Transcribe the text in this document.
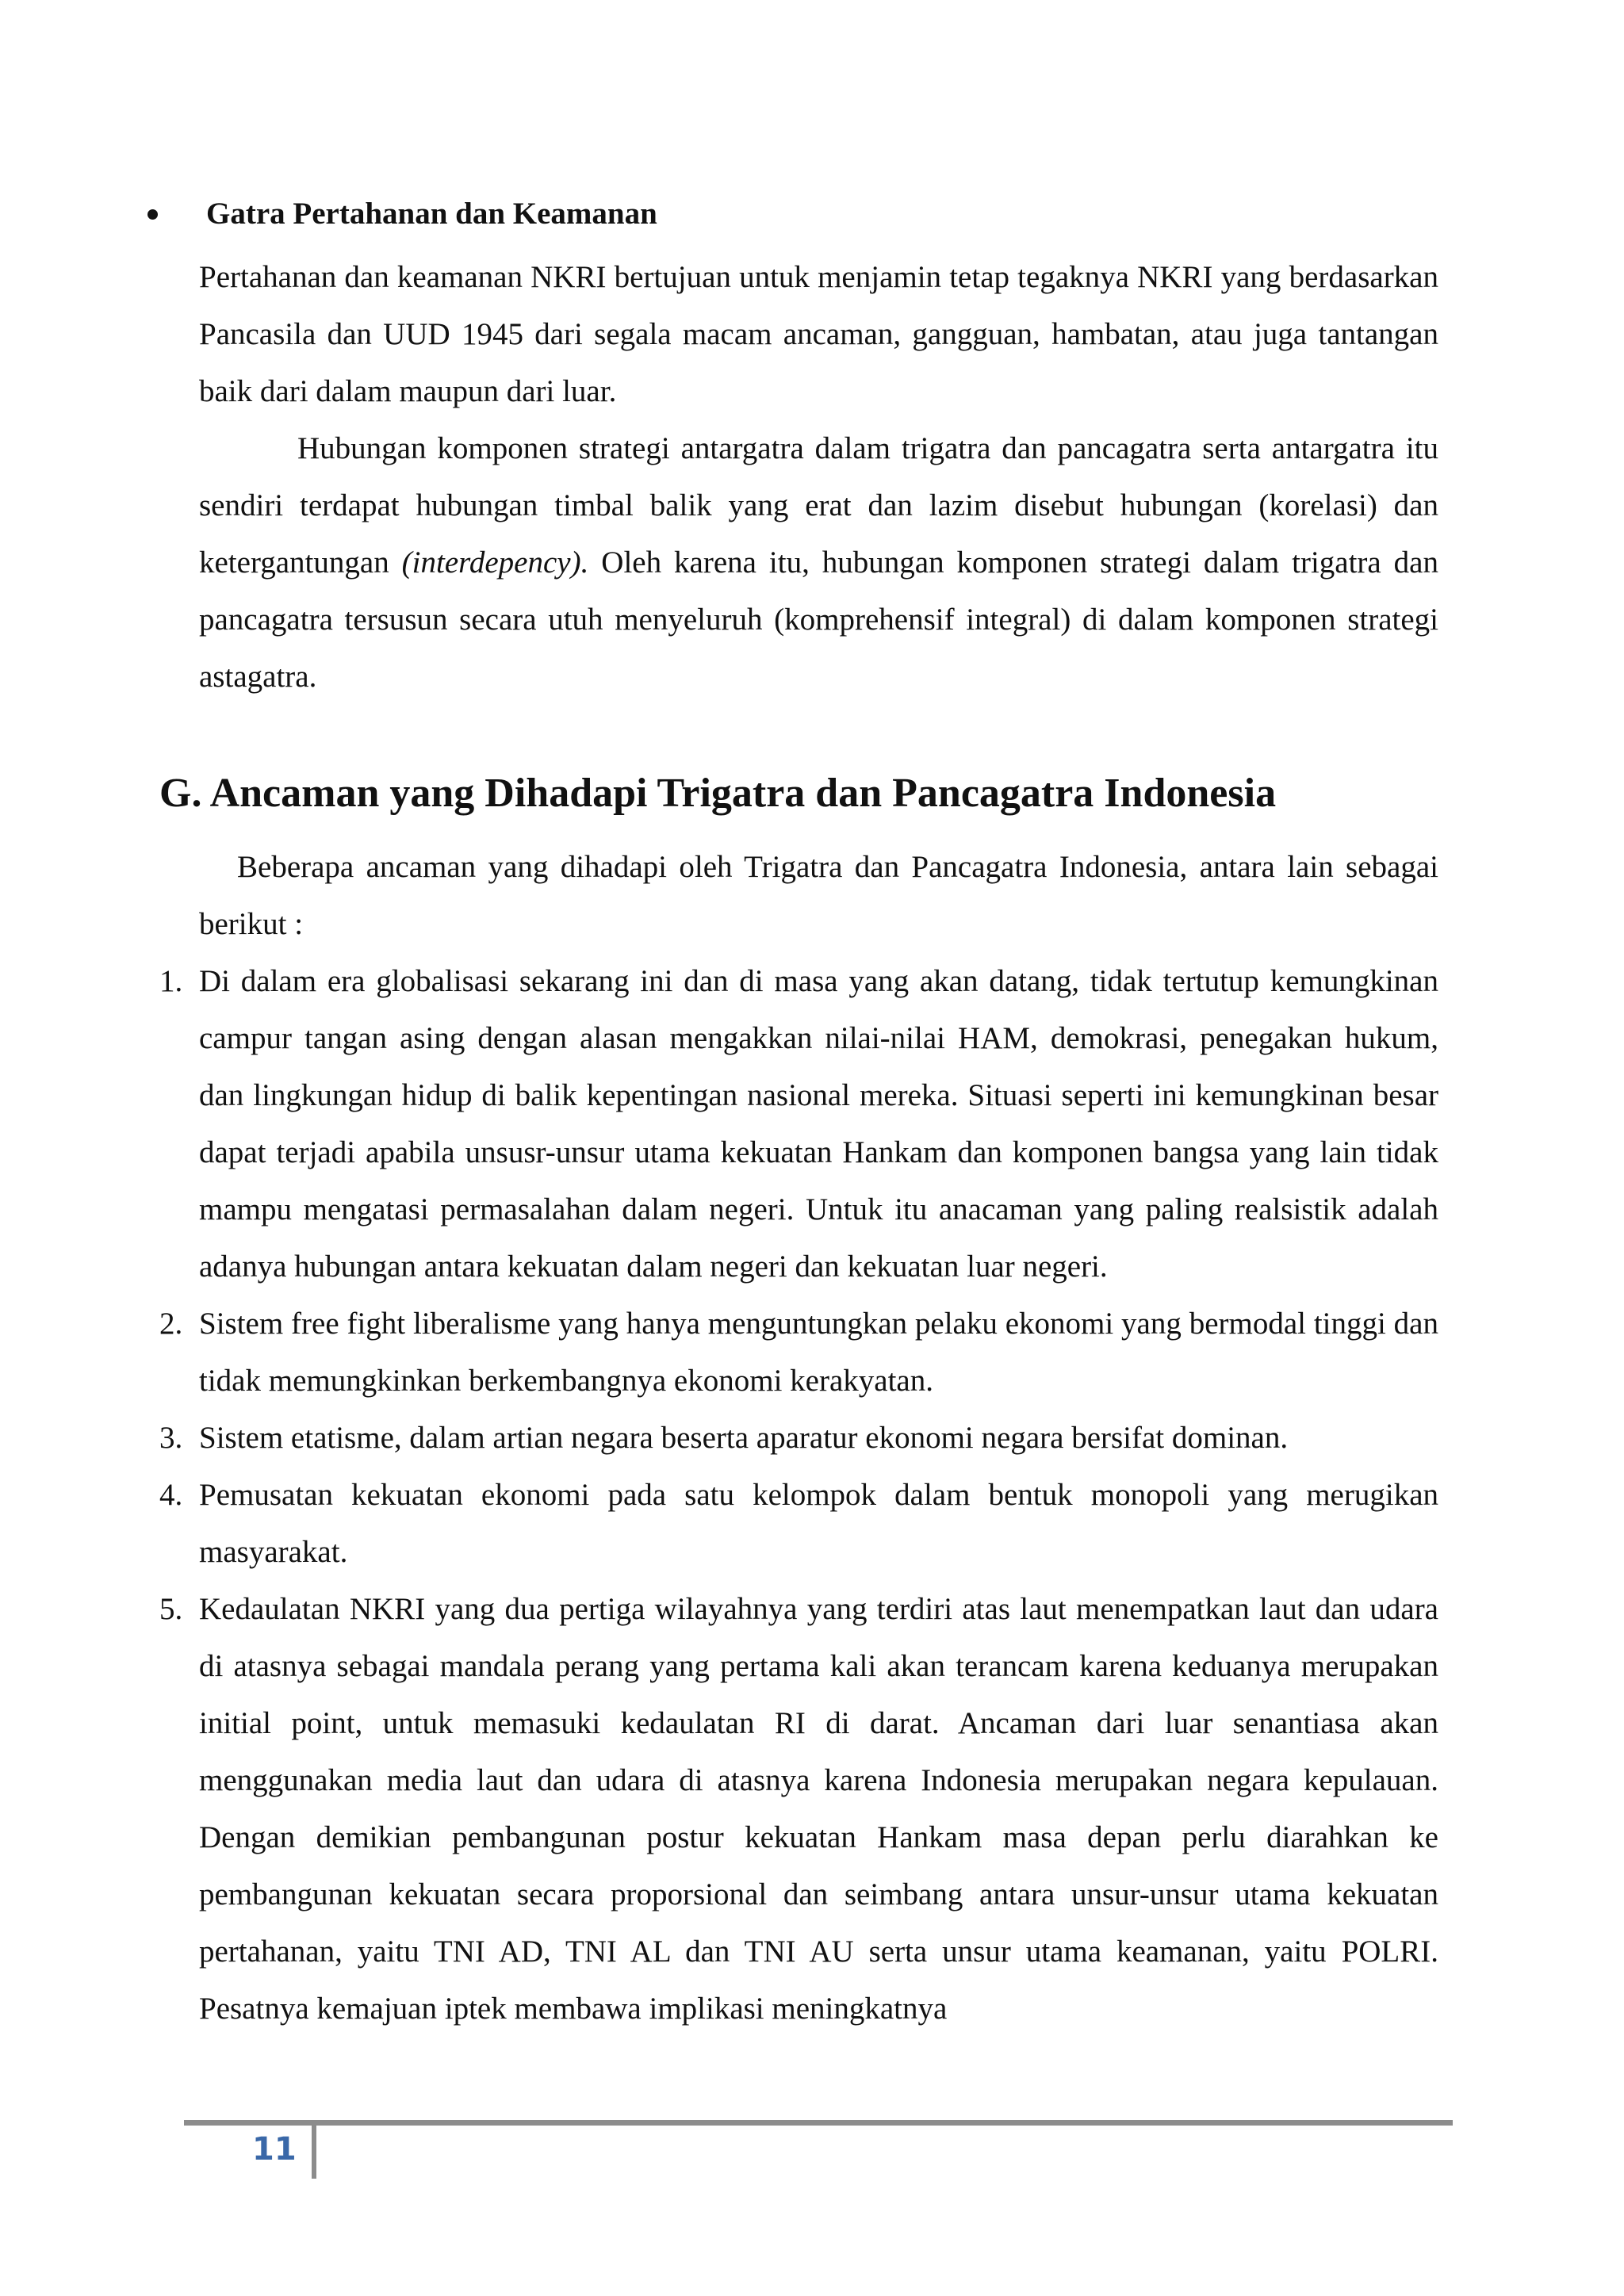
Gatra Pertahanan dan Keamanan

Pertahanan dan keamanan NKRI bertujuan untuk menjamin tetap tegaknya NKRI yang berdasarkan Pancasila dan UUD 1945 dari segala macam ancaman, gangguan, hambatan, atau juga tantangan baik dari dalam maupun dari luar.

Hubungan komponen strategi antargatra dalam trigatra dan pancagatra serta antargatra itu sendiri terdapat hubungan timbal balik yang erat dan lazim disebut hubungan (korelasi) dan ketergantungan (interdepency). Oleh karena itu, hubungan komponen strategi dalam trigatra dan pancagatra tersusun secara utuh menyeluruh (komprehensif integral) di dalam komponen strategi astagatra.

G. Ancaman yang Dihadapi Trigatra dan Pancagatra Indonesia

Beberapa ancaman yang dihadapi oleh Trigatra dan Pancagatra Indonesia, antara lain sebagai berikut :

1. Di dalam era globalisasi sekarang ini dan di masa yang akan datang, tidak tertutup kemungkinan campur tangan asing dengan alasan mengakkan nilai-nilai HAM, demokrasi, penegakan hukum, dan lingkungan hidup di balik kepentingan nasional mereka. Situasi seperti ini kemungkinan besar dapat terjadi apabila unsusr-unsur utama kekuatan Hankam dan komponen bangsa yang lain tidak mampu mengatasi permasalahan dalam negeri. Untuk itu anacaman yang paling realsistik adalah adanya hubungan antara kekuatan dalam negeri dan kekuatan luar negeri.
2. Sistem free fight liberalisme yang hanya menguntungkan pelaku ekonomi yang bermodal tinggi dan tidak memungkinkan berkembangnya ekonomi kerakyatan.
3. Sistem etatisme, dalam artian negara beserta aparatur ekonomi negara bersifat dominan.
4. Pemusatan kekuatan ekonomi pada satu kelompok dalam bentuk monopoli yang merugikan masyarakat.
5. Kedaulatan NKRI yang dua pertiga wilayahnya yang terdiri atas laut menempatkan laut dan udara di atasnya sebagai mandala perang yang pertama kali akan terancam karena keduanya merupakan initial point, untuk memasuki kedaulatan RI di darat. Ancaman dari luar senantiasa akan menggunakan media laut dan udara di atasnya karena Indonesia merupakan negara kepulauan. Dengan demikian pembangunan postur kekuatan Hankam masa depan perlu diarahkan ke pembangunan kekuatan secara proporsional dan seimbang antara unsur-unsur utama kekuatan pertahanan, yaitu TNI AD, TNI AL dan TNI AU serta unsur utama keamanan, yaitu POLRI. Pesatnya kemajuan iptek membawa implikasi meningkatnya
11
